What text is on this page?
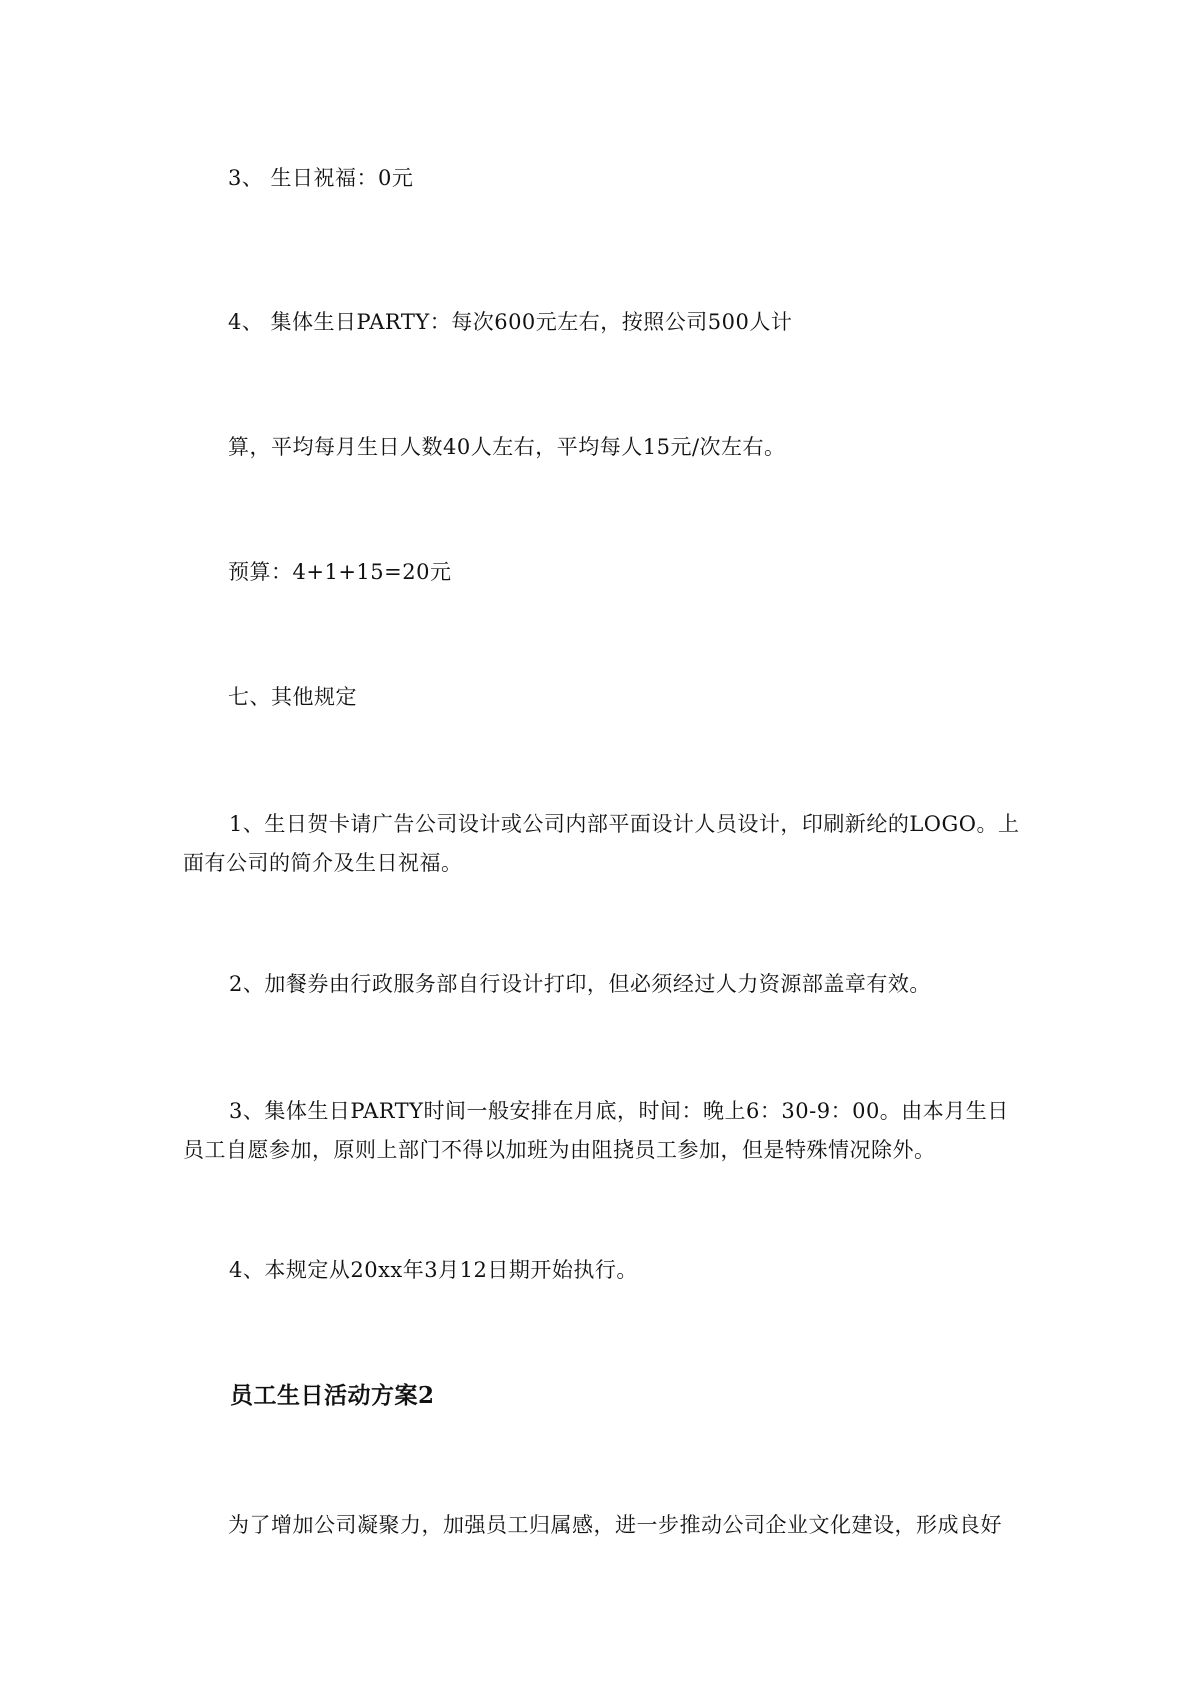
3、 生日祝福：0元
4、 集体生日PARTY：每次600元左右，按照公司500人计
算，平均每月生日人数40人左右，平均每人15元/次左右。
预算：4+1+15=20元
七、其他规定
1、生日贺卡请广告公司设计或公司内部平面设计人员设计，印刷新纶的LOGO。上面有公司的简介及生日祝福。
2、加餐券由行政服务部自行设计打印，但必须经过人力资源部盖章有效。
3、集体生日PARTY时间一般安排在月底，时间：晚上6：30-9：00。由本月生日员工自愿参加，原则上部门不得以加班为由阻挠员工参加，但是特殊情况除外。
4、本规定从20xx年3月12日期开始执行。
员工生日活动方案2
为了增加公司凝聚力，加强员工归属感，进一步推动公司企业文化建设，形成良好
